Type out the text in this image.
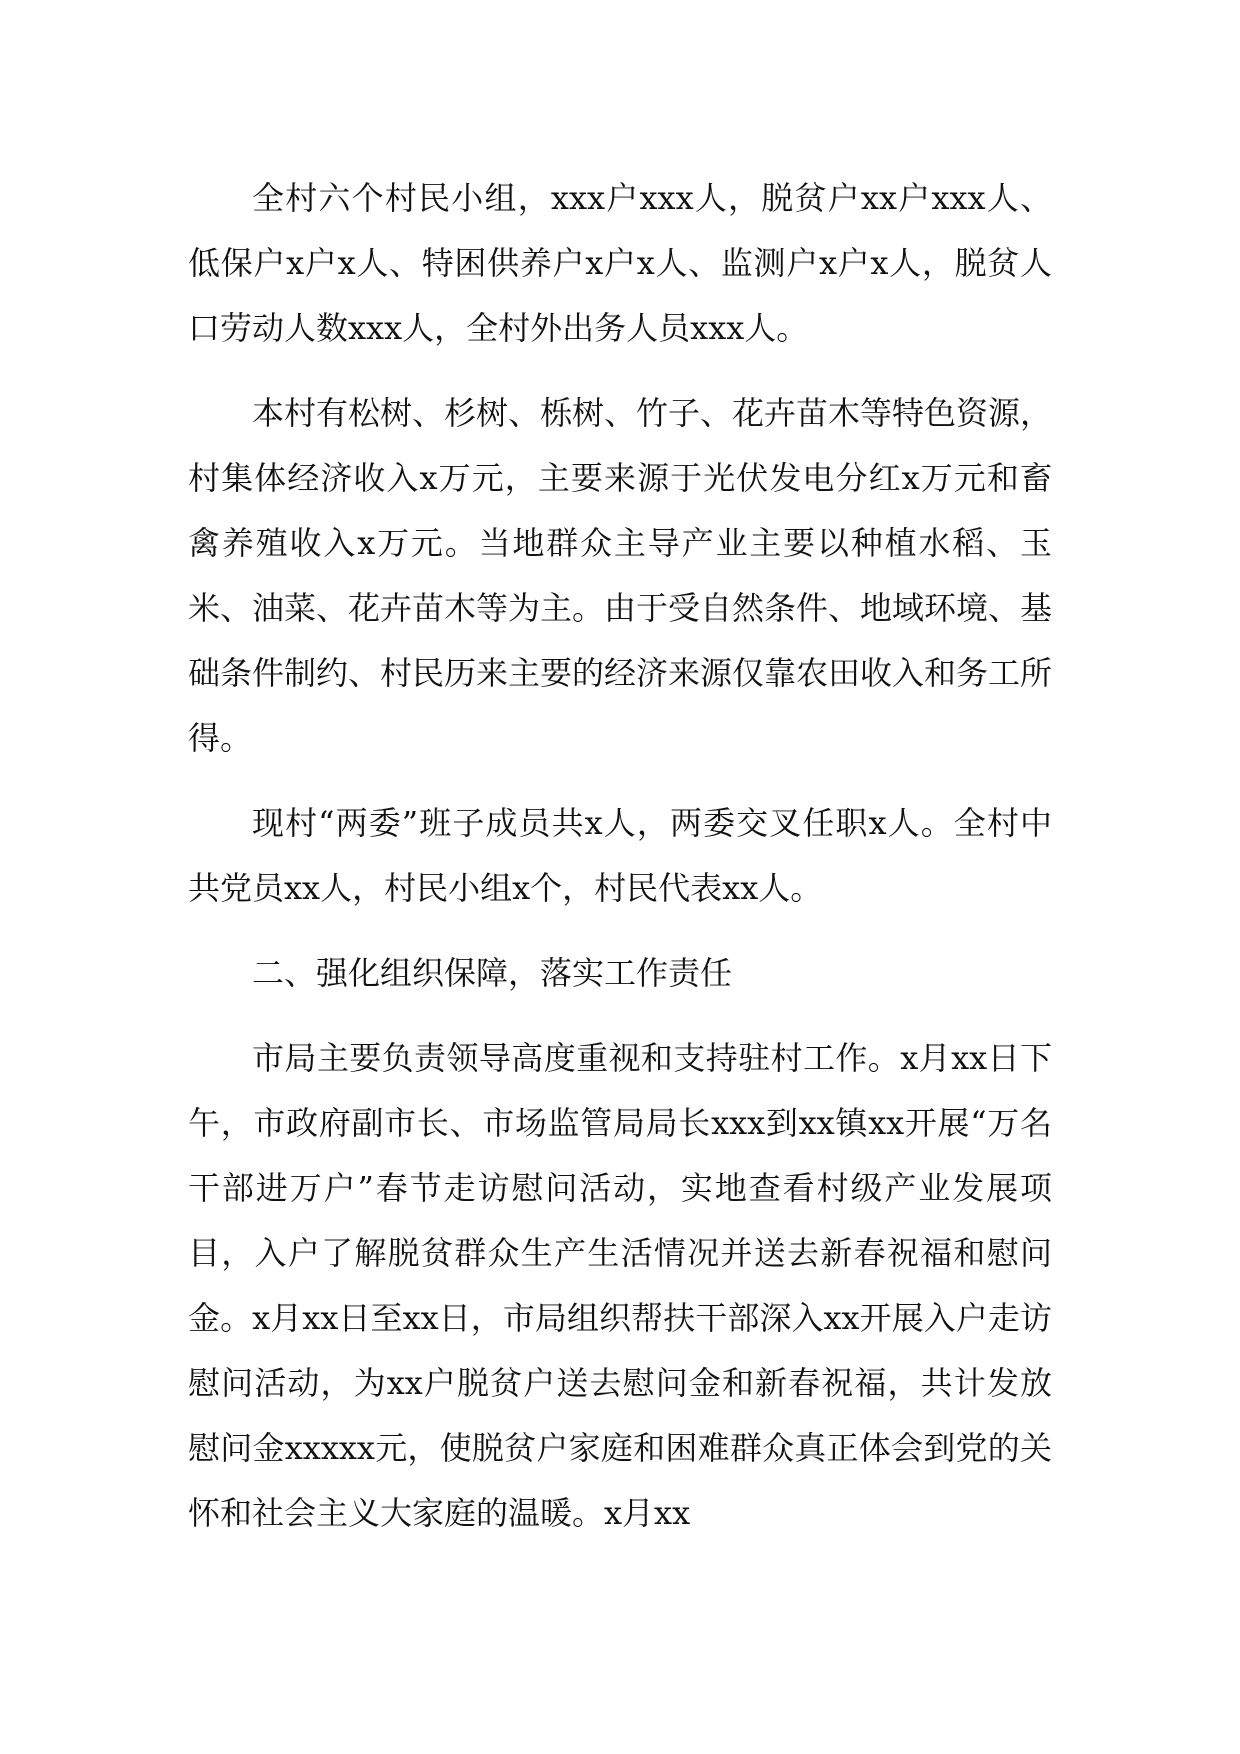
全村六个村民小组，xxx户xxx人，脱贫户xx户xxx人、低保户x户x人、特困供养户x户x人、监测户x户x人，脱贫人口劳动人数xxx人，全村外出务人员xxx人。

本村有松树、杉树、栎树、竹子、花卉苗木等特色资源，村集体经济收入x万元，主要来源于光伏发电分红x万元和畜禽养殖收入x万元。当地群众主导产业主要以种植水稻、玉米、油菜、花卉苗木等为主。由于受自然条件、地域环境、基础条件制约、村民历来主要的经济来源仅靠农田收入和务工所得。

现村“两委”班子成员共x人，两委交叉任职x人。全村中共党员xx人，村民小组x个，村民代表xx人。

二、强化组织保障，落实工作责任

市局主要负责领导高度重视和支持驻村工作。x月xx日下午，市政府副市长、市场监管局局长xxx到xx镇xx开展“万名干部进万户”春节走访慰问活动，实地查看村级产业发展项目，入户了解脱贫群众生产生活情况并送去新春祝福和慰问金。x月xx日至xx日，市局组织帮扶干部深入xx开展入户走访慰问活动，为xx户脱贫户送去慰问金和新春祝福，共计发放慰问金xxxxx元，使脱贫户家庭和困难群众真正体会到党的关怀和社会主义大家庭的温暖。x月xx
